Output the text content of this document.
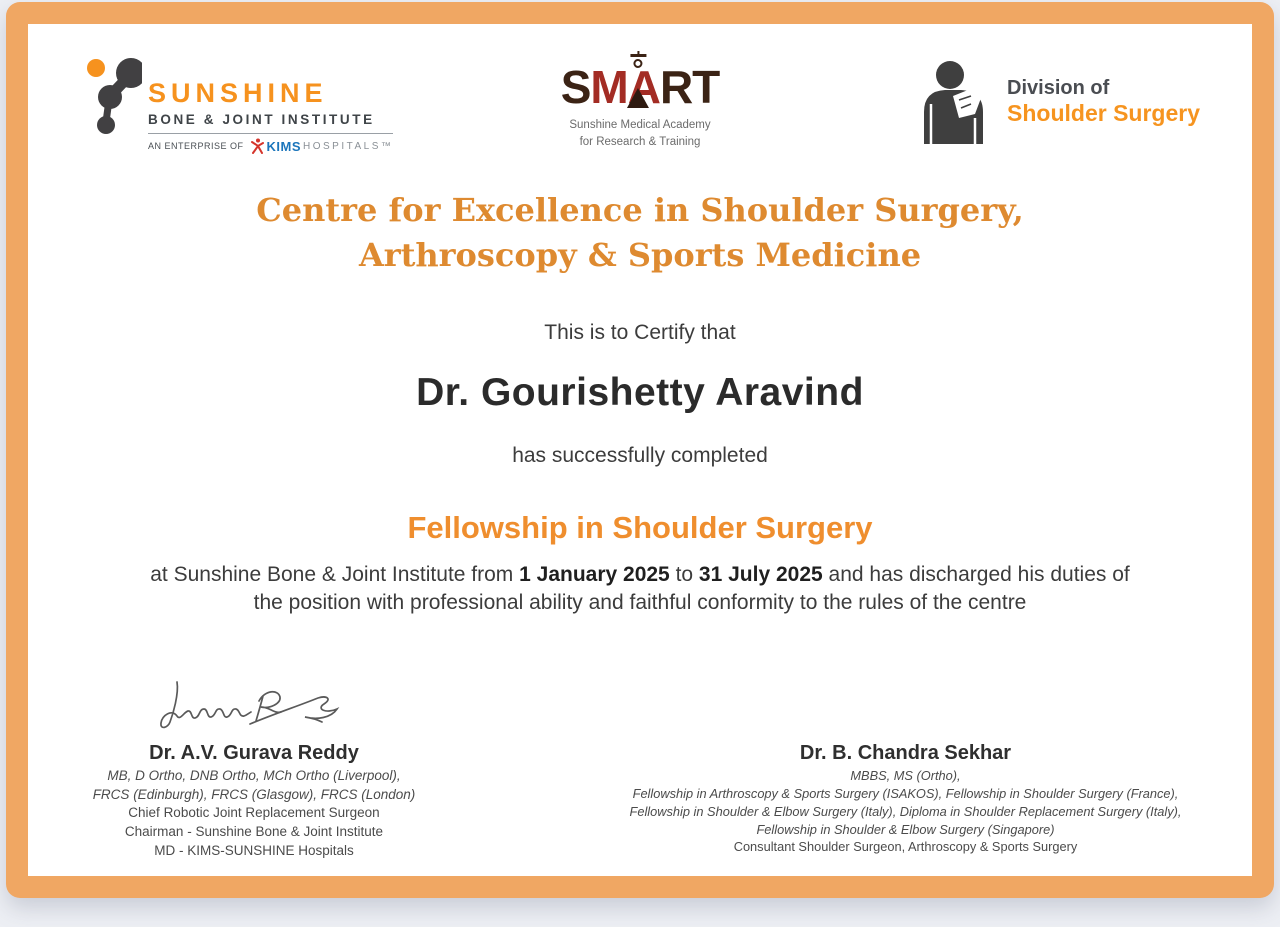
SUNSHINE
BONE & JOINT INSTITUTE
AN ENTERPRISE OF KIMS HOSPITALS™
SMART
Sunshine Medical Academy
for Research & Training
Division of
Shoulder Surgery
Centre for Excellence in Shoulder Surgery,
Arthroscopy & Sports Medicine
This is to Certify that
Dr. Gourishetty Aravind
has successfully completed
Fellowship in Shoulder Surgery
at Sunshine Bone & Joint Institute from 1 January 2025 to 31 July 2025 and has discharged his duties of the position with professional ability and faithful conformity to the rules of the centre
Dr. A.V. Gurava Reddy
MB, D Ortho, DNB Ortho, MCh Ortho (Liverpool),
FRCS (Edinburgh), FRCS (Glasgow), FRCS (London)
Chief Robotic Joint Replacement Surgeon
Chairman - Sunshine Bone & Joint Institute
MD - KIMS-SUNSHINE Hospitals
Dr. B. Chandra Sekhar
MBBS, MS (Ortho),
Fellowship in Arthroscopy & Sports Surgery (ISAKOS), Fellowship in Shoulder Surgery (France),
Fellowship in Shoulder & Elbow Surgery (Italy), Diploma in Shoulder Replacement Surgery (Italy),
Fellowship in Shoulder & Elbow Surgery (Singapore)
Consultant Shoulder Surgeon, Arthroscopy & Sports Surgery
